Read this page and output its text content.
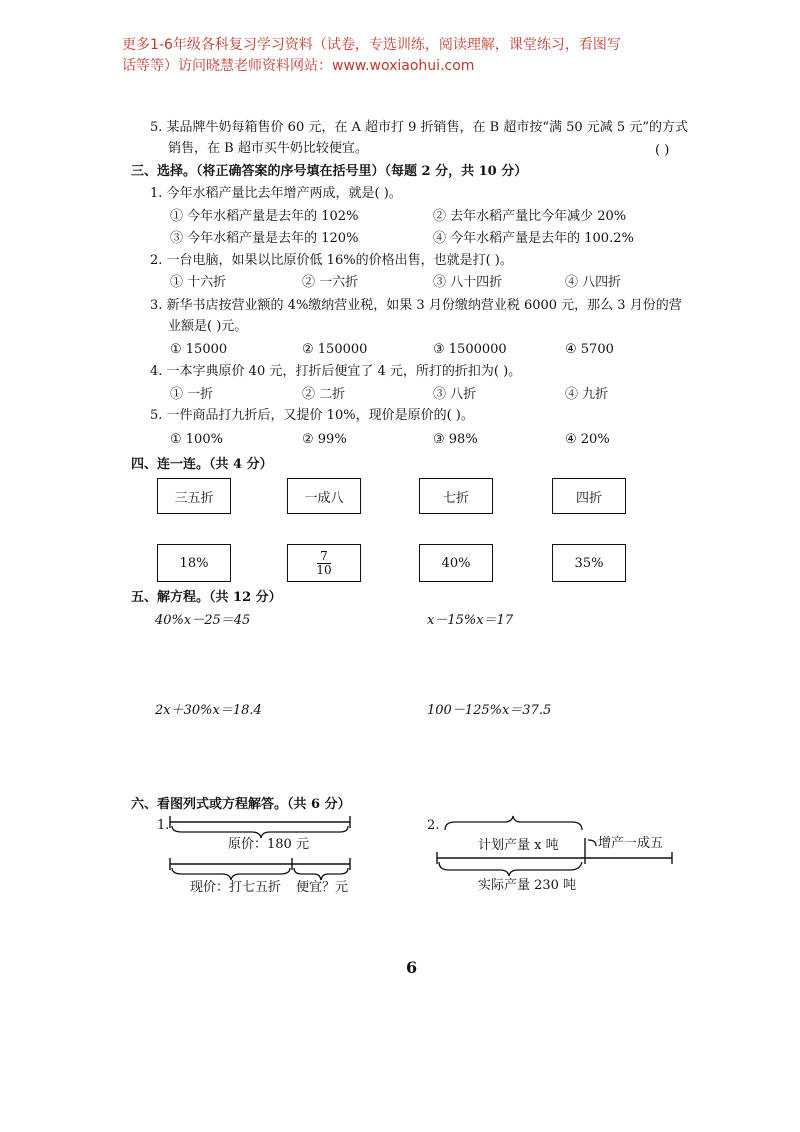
更多1-6年级各科复习学习资料（试卷，专选训练，阅读理解，课堂练习，看图写
话等等）访问晓慧老师资料网站：www.woxiaohui.com
5. 某品牌牛奶每箱售价 60 元，在 A 超市打 9 折销售，在 B 超市按“满 50 元减 5 元”的方式
销售，在 B 超市买牛奶比较便宜。	( )
三、选择。（将正确答案的序号填在括号里）（每题 2 分，共 10 分）
1. 今年水稻产量比去年增产两成，就是( )。
① 今年水稻产量是去年的 102%	② 去年水稻产量比今年减少 20%
③ 今年水稻产量是去年的 120%	④ 今年水稻产量是去年的 100.2%
2. 一台电脑，如果以比原价低 16%的价格出售，也就是打( )。
① 十六折	② 一六折	③ 八十四折	④ 八四折
3. 新华书店按营业额的 4%缴纳营业税，如果 3 月份缴纳营业税 6000 元，那么 3 月份的营
业额是( )元。
① 15000	② 150000	③ 1500000	④ 5700
4. 一本字典原价 40 元，打折后便宜了 4 元，所打的折扣为( )。
① 一折	② 二折	③ 八折	④ 九折
5. 一件商品打九折后，又提价 10%，现价是原价的( )。
① 100%	② 99%	③ 98%	④ 20%
四、连一连。（共 4 分）
三五折	一成八	七折	四折
18%	$\frac{7}{10}$	40%	35%
五、解方程。（共 12 分）
40%x－25＝45	x－15%x＝17
2x＋30%x＝18.4	100－125%x＝37.5
六、看图列式或方程解答。（共 6 分）
1.
原价：180 元
现价：打七五折 便宜？元
2.
计划产量 x 吨	增产一成五
实际产量 230 吨
6
